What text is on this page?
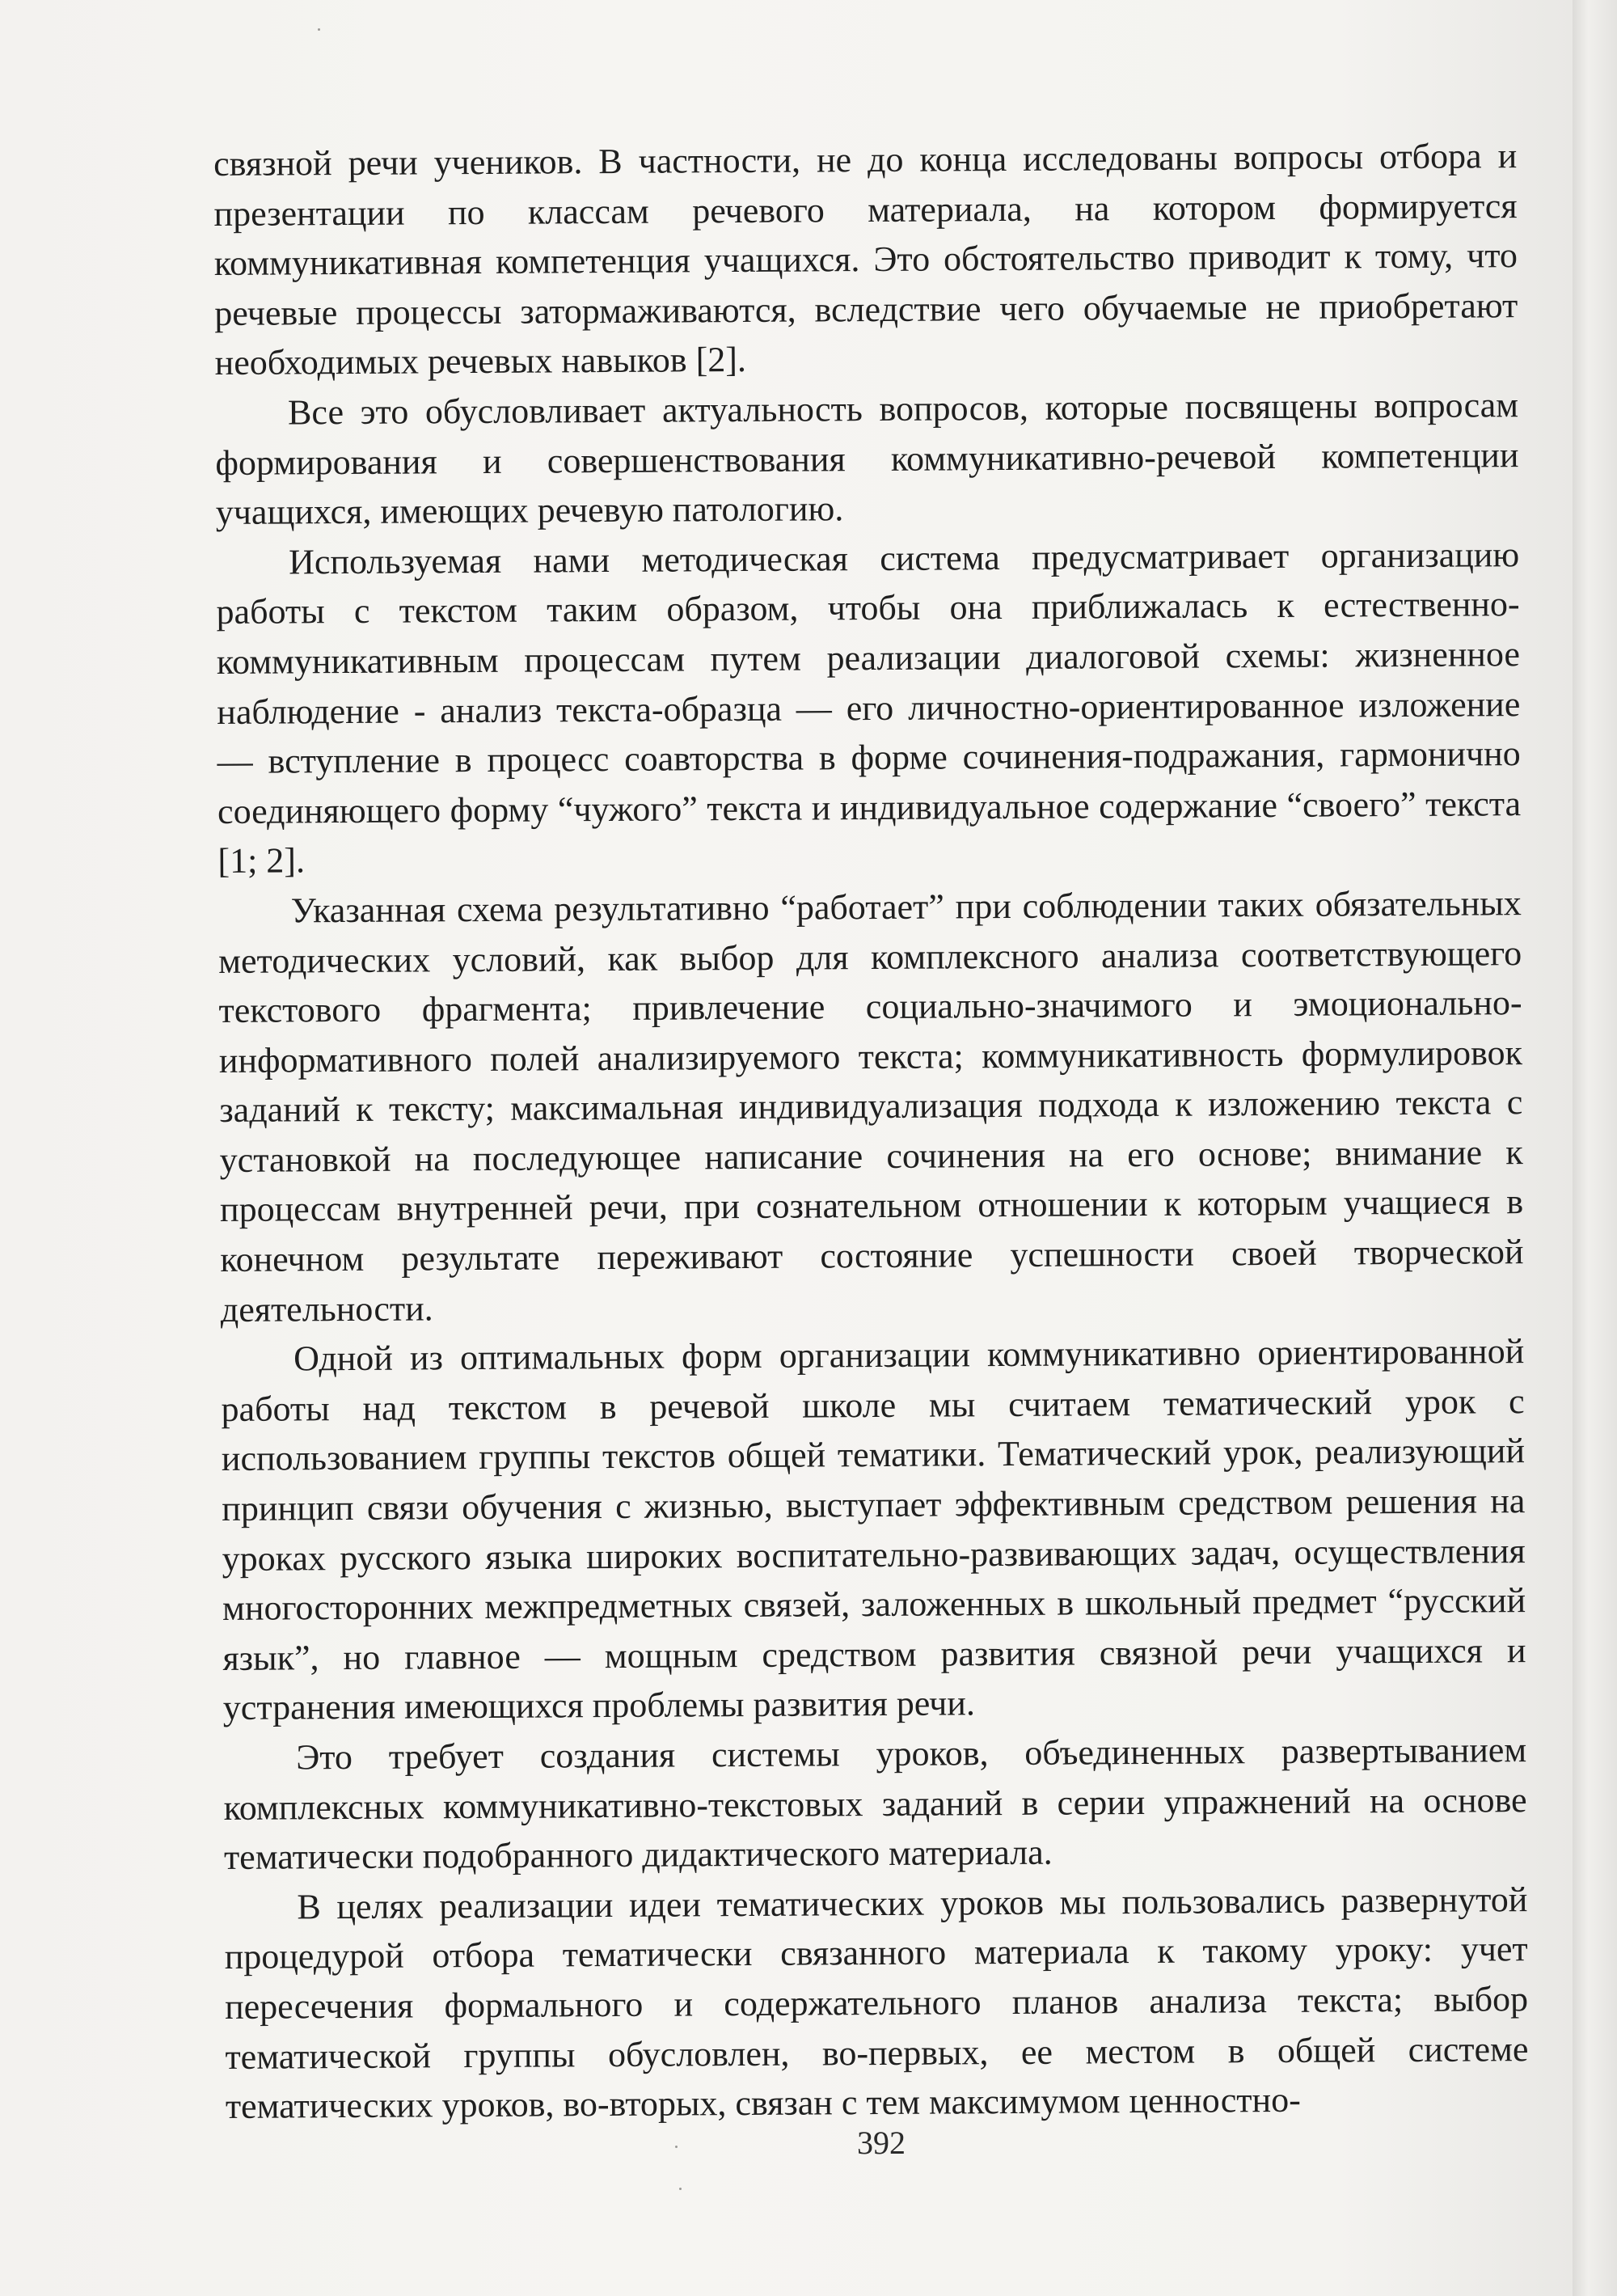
связной речи учеников. В частности, не до конца исследованы вопросы отбора и презентации по классам речевого материала, на котором формируется коммуникативная компетенция учащихся. Это обстоятельство приводит к тому, что речевые процессы затормаживаются, вследствие чего обучаемые не приобретают необходимых речевых навыков [2].

Все это обусловливает актуальность вопросов, которые посвящены вопросам формирования и совершенствования коммуникативно-речевой компетенции учащихся, имеющих речевую патологию.

Используемая нами методическая система предусматривает организацию работы с текстом таким образом, чтобы она приближалась к естественно-коммуникативным процессам путем реализации диалоговой схемы: жизненное наблюдение - анализ текста-образца — его личностно-ориентированное изложение — вступление в процесс соавторства в форме сочинения-подражания, гармонично соединяющего форму “чужого” текста и индивидуальное содержание “своего” текста [1; 2].

Указанная схема результативно “работает” при соблюдении таких обязательных методических условий, как выбор для комплексного анализа соответствующего текстового фрагмента; привлечение социально-значимого и эмоционально-информативного полей анализируемого текста; коммуникативность формулировок заданий к тексту; максимальная индивидуализация подхода к изложению текста с установкой на последующее написание сочинения на его основе; внимание к процессам внутренней речи, при сознательном отношении к которым учащиеся в конечном результате переживают состояние успешности своей творческой деятельности.

Одной из оптимальных форм организации коммуникативно ориентированной работы над текстом в речевой школе мы считаем тематический урок с использованием группы текстов общей тематики. Тематический урок, реализующий принцип связи обучения с жизнью, выступает эффективным средством решения на уроках русского языка широких воспитательно-развивающих задач, осуществления многосторонних межпредметных связей, заложенных в школьный предмет “русский язык”, но главное — мощным средством развития связной речи учащихся и устранения имеющихся проблемы развития речи.

Это требует создания системы уроков, объединенных развертыванием комплексных коммуникативно-текстовых заданий в серии упражнений на основе тематически подобранного дидактического материала.

В целях реализации идеи тематических уроков мы пользовались развернутой процедурой отбора тематически связанного материала к такому уроку: учет пересечения формального и содержательного планов анализа текста; выбор тематической группы обусловлен, во-первых, ее местом в общей системе тематических уроков, во-вторых, связан с тем максимумом ценностно-

392
